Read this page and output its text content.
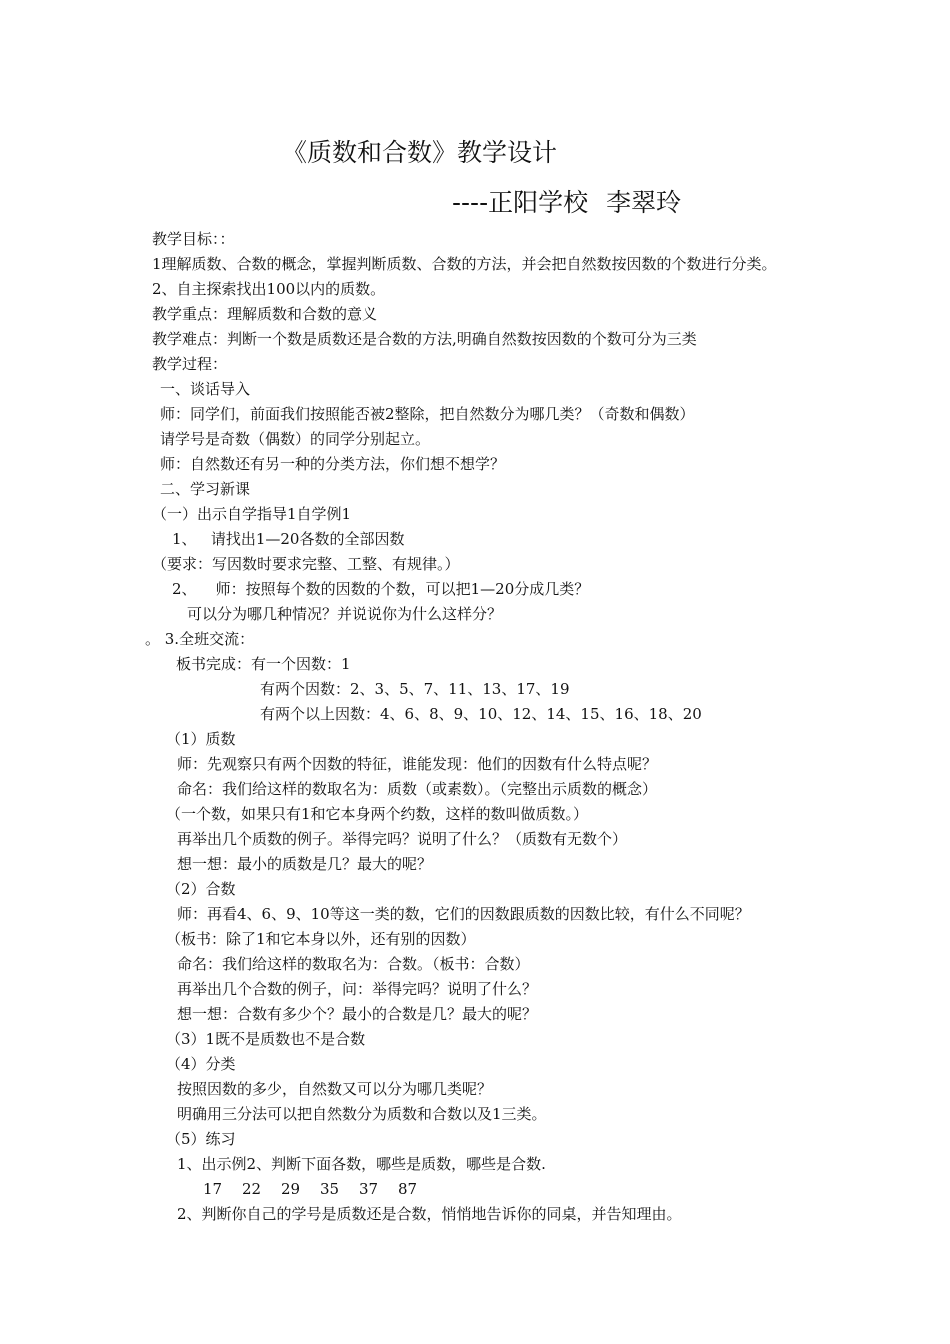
《质数和合数》教学设计
----正阳学校 李翠玲
教学目标：：
1理解质数、合数的概念，掌握判断质数、合数的方法，并会把自然数按因数的个数进行分类。
2、自主探索找出100以内的质数。
教学重点：理解质数和合数的意义
教学难点：判断一个数是质数还是合数的方法,明确自然数按因数的个数可分为三类
教学过程：
一、谈话导入
师：同学们，前面我们按照能否被2整除，把自然数分为哪几类？（奇数和偶数）
请学号是奇数（偶数）的同学分别起立。
师：自然数还有另一种的分类方法，你们想不想学？
二、学习新课
（一）出示自学指导1自学例1
1、   请找出1—20各数的全部因数
（要求：写因数时要求完整、工整、有规律。）
2、    师：按照每个数的因数的个数，可以把1—20分成几类？
可以分为哪几种情况？并说说你为什么这样分？
。 3.全班交流：
板书完成：有一个因数：1
有两个因数：2、3、5、7、11、13、17、19
有两个以上因数：4、6、8、9、10、12、14、15、16、18、20
（1）质数
师：先观察只有两个因数的特征，谁能发现：他们的因数有什么特点呢？
命名：我们给这样的数取名为：质数（或素数）。（完整出示质数的概念）
（一个数，如果只有1和它本身两个约数，这样的数叫做质数。）
再举出几个质数的例子。举得完吗？说明了什么？（质数有无数个）
想一想：最小的质数是几？最大的呢？
（2）合数
师：再看4、6、9、10等这一类的数，它们的因数跟质数的因数比较，有什么不同呢？
（板书：除了1和它本身以外，还有别的因数）
命名：我们给这样的数取名为：合数。（板书：合数）
再举出几个合数的例子，问：举得完吗？说明了什么？
想一想：合数有多少个？最小的合数是几？最大的呢？
（3）1既不是质数也不是合数
（4）分类
按照因数的多少，自然数又可以分为哪几类呢？
明确用三分法可以把自然数分为质数和合数以及1三类。
（5）练习
1、出示例2、判断下面各数，哪些是质数，哪些是合数.
17 22 29 35 37 87
2、判断你自己的学号是质数还是合数，悄悄地告诉你的同桌，并告知理由。
